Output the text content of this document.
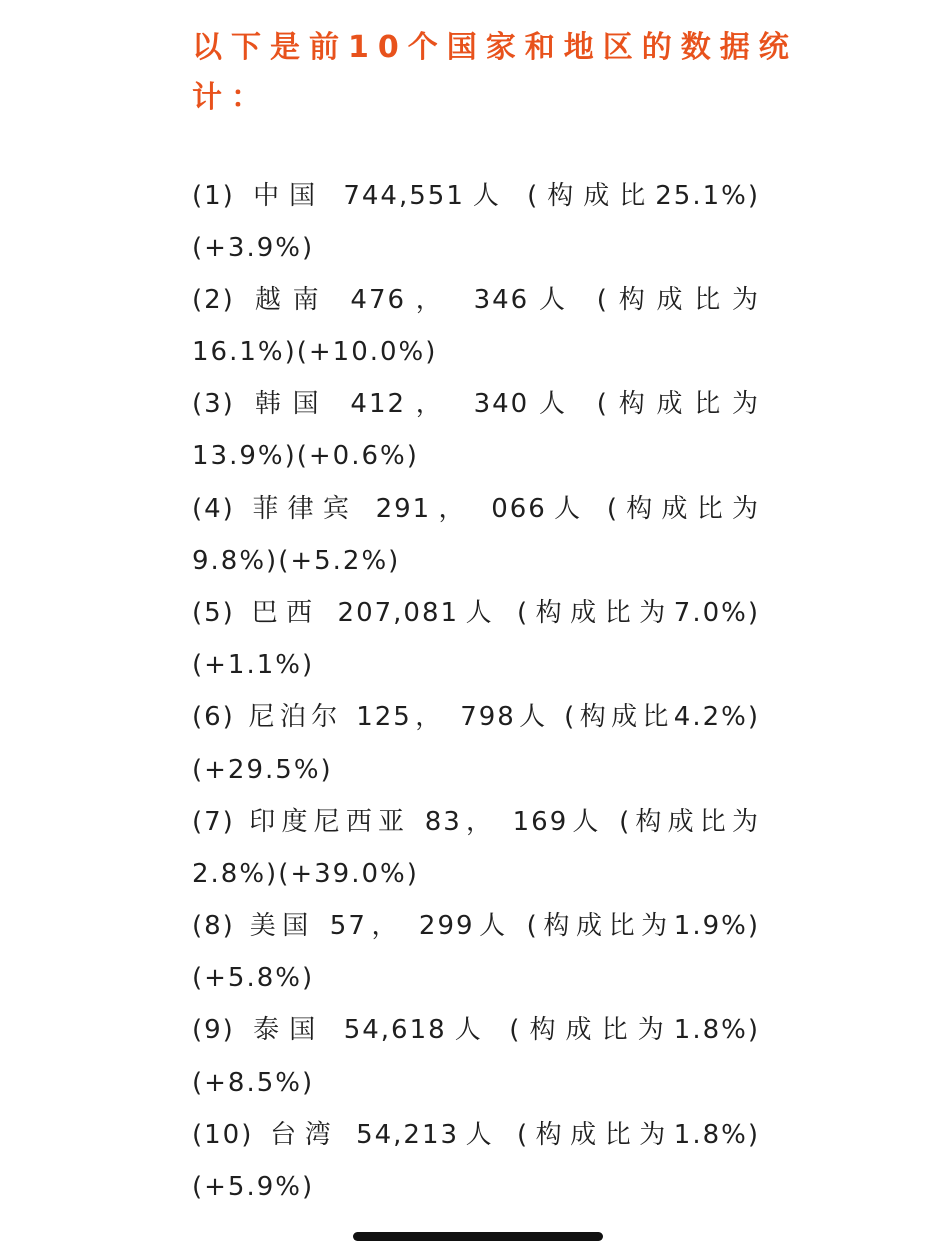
以下是前10个国家和地区的数据统
计：
(1) 中国 744,551人 (构成比25.1%)
(+3.9%)
(2) 越南 476， 346人 (构成比为
16.1%)(+10.0%)
(3) 韩国 412， 340人 (构成比为
13.9%)(+0.6%)
(4) 菲律宾 291， 066人 (构成比为
9.8%)(+5.2%)
(5) 巴西 207,081人 (构成比为7.0%)
(+1.1%)
(6) 尼泊尔 125， 798人 (构成比4.2%)
(+29.5%)
(7) 印度尼西亚 83， 169人 (构成比为
2.8%)(+39.0%)
(8) 美国 57， 299人 (构成比为1.9%)
(+5.8%)
(9) 泰国 54,618人 (构成比为1.8%)
(+8.5%)
(10) 台湾 54,213人 (构成比为1.8%)
(+5.9%)
